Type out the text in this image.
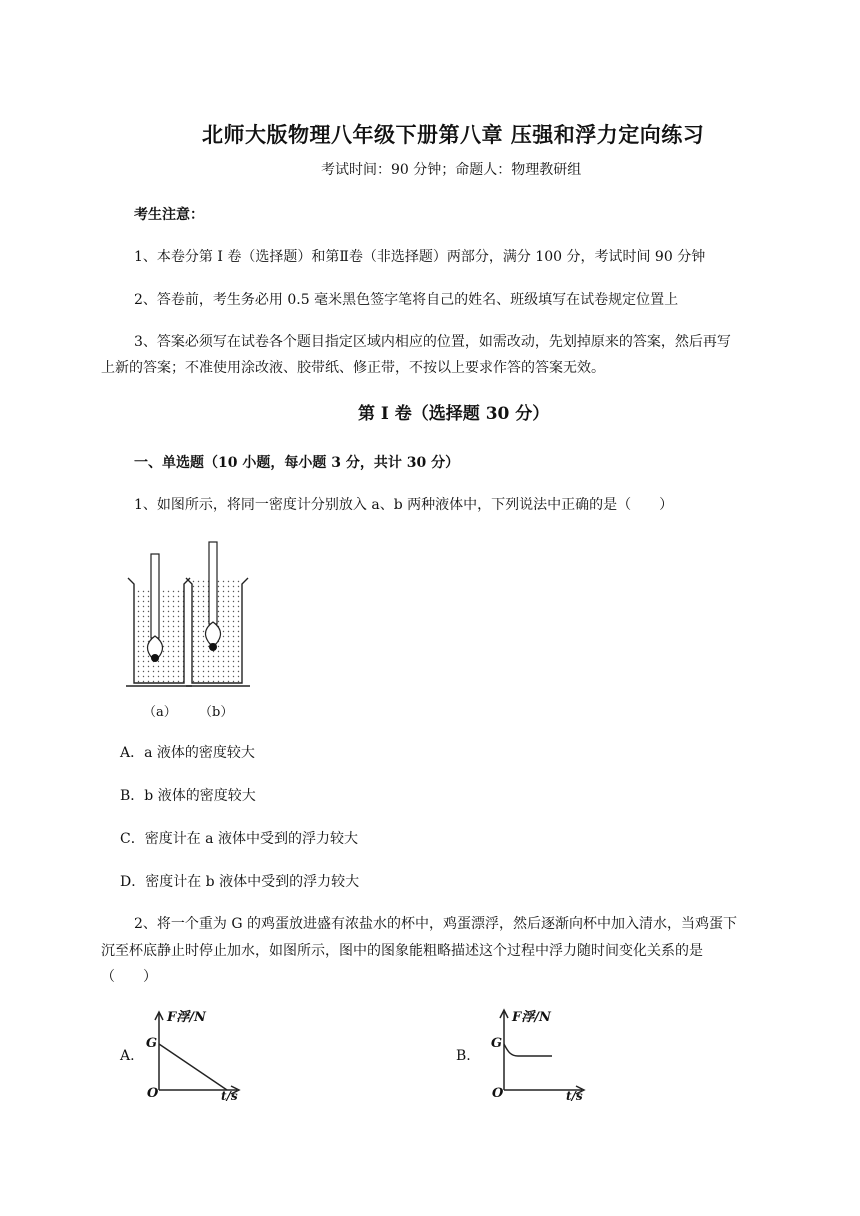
北师大版物理八年级下册第八章 压强和浮力定向练习
考试时间：90 分钟；命题人：物理教研组
考生注意：
1、本卷分第 I 卷（选择题）和第Ⅱ卷（非选择题）两部分，满分 100 分，考试时间 90 分钟
2、答卷前，考生务必用 0.5 毫米黑色签字笔将自己的姓名、班级填写在试卷规定位置上
3、答案必须写在试卷各个题目指定区域内相应的位置，如需改动，先划掉原来的答案，然后再写
上新的答案；不准使用涂改液、胶带纸、修正带，不按以上要求作答的答案无效。
第 I 卷（选择题 30 分）
一、单选题（10 小题，每小题 3 分，共计 30 分）
1、如图所示，将同一密度计分别放入 a、b 两种液体中，下列说法中正确的是（　　）
（a） （b）
A．a 液体的密度较大
B．b 液体的密度较大
C．密度计在 a 液体中受到的浮力较大
D．密度计在 b 液体中受到的浮力较大
2、将一个重为 G 的鸡蛋放进盛有浓盐水的杯中，鸡蛋漂浮，然后逐渐向杯中加入清水，当鸡蛋下
沉至杯底静止时停止加水，如图所示，图中的图象能粗略描述这个过程中浮力随时间变化关系的是
（　　）
A.
F浮/N
G
O	t/s
B.
F浮/N
G
O	t/s
